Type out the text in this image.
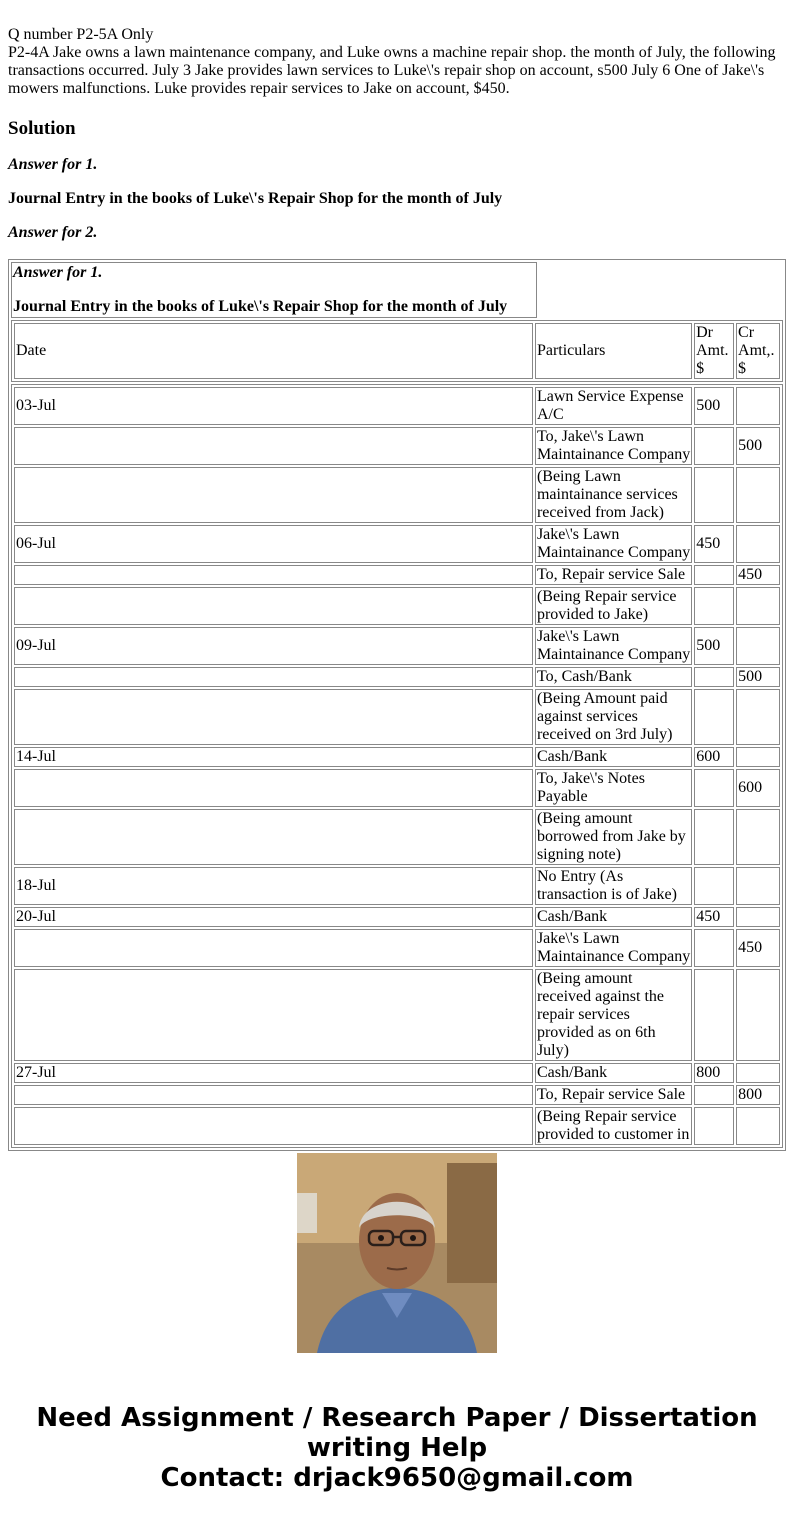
Q number P2-5A Only

P2-4A Jake owns a lawn maintenance company, and Luke owns a machine repair shop. the month of July, the following transactions occurred. July 3 Jake provides lawn services to Luke\'s repair shop on account, s500 July 6 One of Jake\'s mowers malfunctions. Luke provides repair services to Jake on account, $450.

Solution

Answer for 1.

Journal Entry in the books of Luke\'s Repair Shop for the month of July

Answer for 2.

Answer for 1.

Journal Entry in the books of Luke\'s Repair Shop for the month of July

Date	Particulars	Dr Amt. $	Cr Amt,. $

03-Jul	Lawn Service Expense A/C	500	
	To, Jake\'s Lawn Maintainance Company		500
	(Being Lawn maintainance services received from Jack)		
06-Jul	Jake\'s Lawn Maintainance Company	450	
	To, Repair service Sale		450
	(Being Repair service provided to Jake)		
09-Jul	Jake\'s Lawn Maintainance Company	500	
	To, Cash/Bank		500
	(Being Amount paid against services received on 3rd July)		
14-Jul	Cash/Bank	600	
	To, Jake\'s Notes Payable		600
	(Being amount borrowed from Jake by signing note)		
18-Jul	No Entry (As transaction is of Jake)		
20-Jul	Cash/Bank	450	
	Jake\'s Lawn Maintainance Company		450
	(Being amount received against the repair services provided as on 6th July)		
27-Jul	Cash/Bank	800	
	To, Repair service Sale		800
	(Being Repair service provided to customer in		
Need Assignment / Research Paper / Dissertation writing Help
Contact: drjack9650@gmail.com
